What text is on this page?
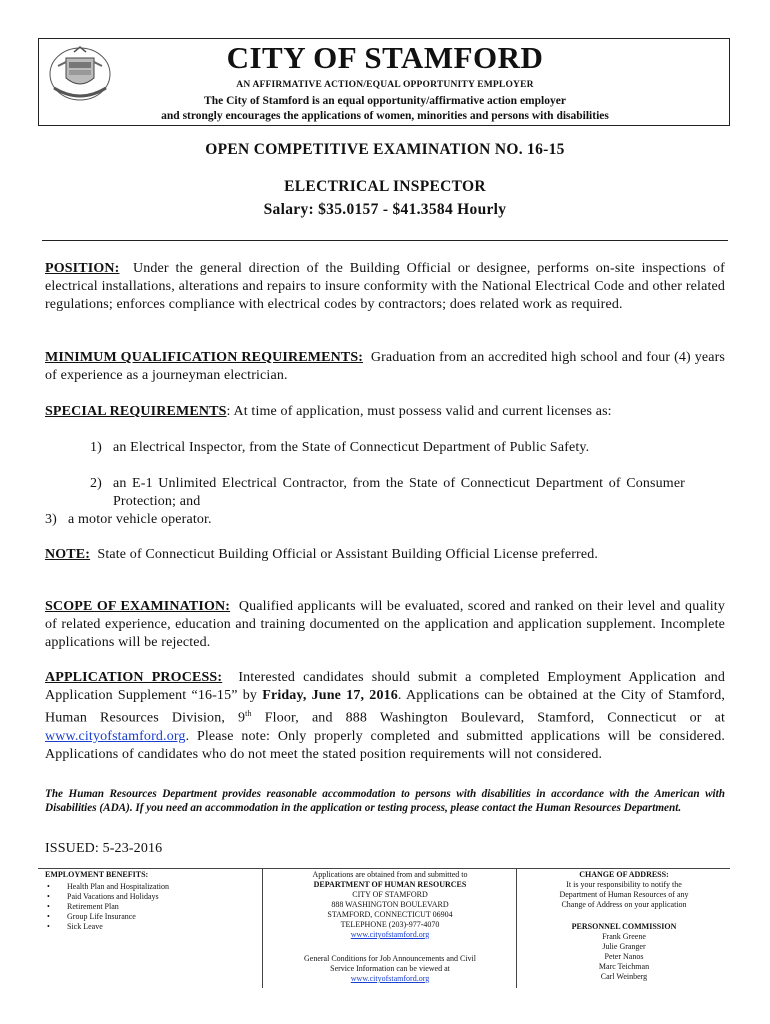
CITY OF STAMFORD
AN AFFIRMATIVE ACTION/EQUAL OPPORTUNITY EMPLOYER
The City of Stamford is an equal opportunity/affirmative action employer
and strongly encourages the applications of women, minorities and persons with disabilities
OPEN COMPETITIVE EXAMINATION NO. 16-15
ELECTRICAL INSPECTOR
Salary: $35.0157 - $41.3584 Hourly
POSITION: Under the general direction of the Building Official or designee, performs on-site inspections of electrical installations, alterations and repairs to insure conformity with the National Electrical Code and other related regulations; enforces compliance with electrical codes by contractors; does related work as required.
MINIMUM QUALIFICATION REQUIREMENTS: Graduation from an accredited high school and four (4) years of experience as a journeyman electrician.
SPECIAL REQUIREMENTS: At time of application, must possess valid and current licenses as:
1) an Electrical Inspector, from the State of Connecticut Department of Public Safety.
2) an E-1 Unlimited Electrical Contractor, from the State of Connecticut Department of Consumer Protection; and
3) a motor vehicle operator.
NOTE: State of Connecticut Building Official or Assistant Building Official License preferred.
SCOPE OF EXAMINATION: Qualified applicants will be evaluated, scored and ranked on their level and quality of related experience, education and training documented on the application and application supplement. Incomplete applications will be rejected.
APPLICATION PROCESS: Interested candidates should submit a completed Employment Application and Application Supplement “16-15” by Friday, June 17, 2016. Applications can be obtained at the City of Stamford, Human Resources Division, 9th Floor, and 888 Washington Boulevard, Stamford, Connecticut or at www.cityofstamford.org. Please note: Only properly completed and submitted applications will be considered. Applications of candidates who do not meet the stated position requirements will not considered.
The Human Resources Department provides reasonable accommodation to persons with disabilities in accordance with the American with Disabilities (ADA). If you need an accommodation in the application or testing process, please contact the Human Resources Department.
ISSUED: 5-23-2016
EMPLOYMENT BENEFITS:
• Health Plan and Hospitalization
• Paid Vacations and Holidays
• Retirement Plan
• Group Life Insurance
• Sick Leave
Applications are obtained from and submitted to
DEPARTMENT OF HUMAN RESOURCES
CITY OF STAMFORD
888 WASHINGTON BOULEVARD
STAMFORD, CONNECTICUT 06904
TELEPHONE (203)-977-4070
www.cityofstamford.org
General Conditions for Job Announcements and Civil
Service Information can be viewed at
www.cityofstamford.org
CHANGE OF ADDRESS:
It is your responsibility to notify the
Department of Human Resources of any
Change of Address on your application
PERSONNEL COMMISSION
Frank Greene
Julie Granger
Peter Nanos
Marc Teichman
Carl Weinberg
